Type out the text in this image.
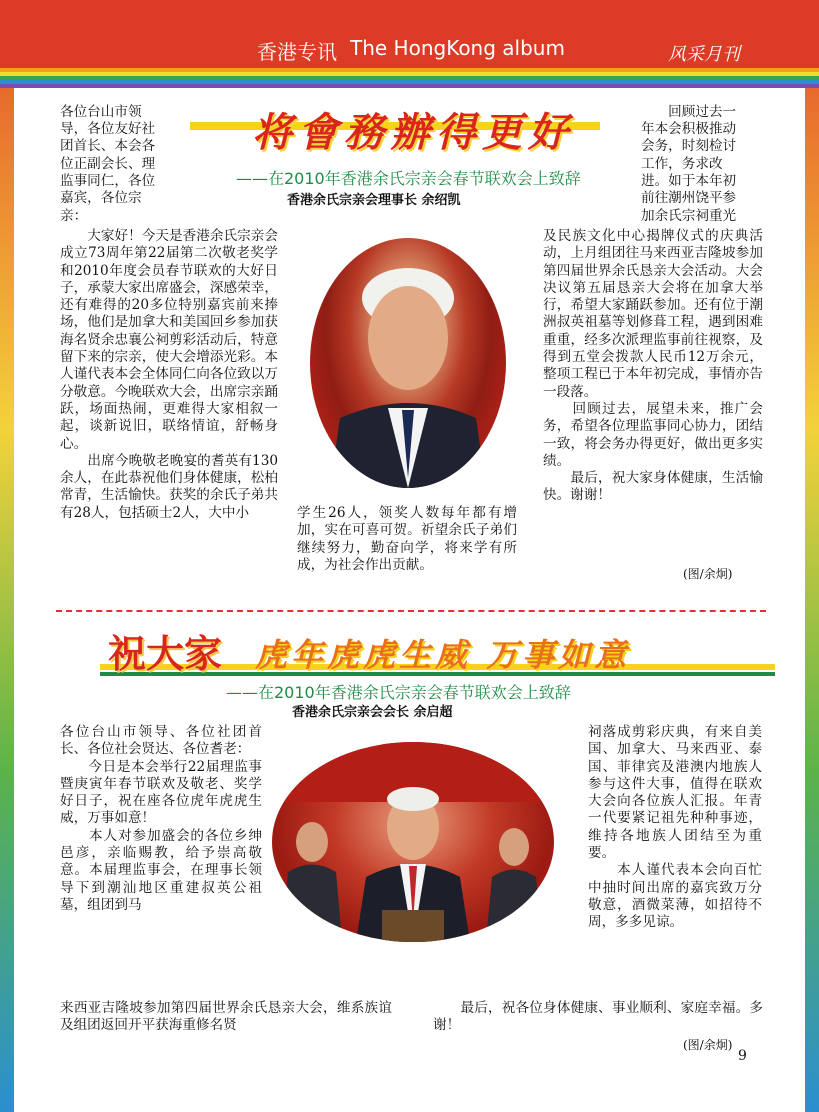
香港专讯 The HongKong album	风采月刊
将會務辦得更好
——在2010年香港余氏宗亲会春节联欢会上致辞
香港余氏宗亲会理事长 余绍凯
各位台山市领
导，各位友好社
团首长、本会各
位正副会长、理
监事同仁，各位
嘉宾，各位宗
亲：
　　大家好！今天是香港余氏宗亲会成立73周年第22届第二次敬老奖学和2010年度会员春节联欢的大好日子，承蒙大家出席盛会，深感荣幸，还有难得的20多位特别嘉宾前来捧场，他们是加拿大和美国回乡参加获海名贤余忠襄公祠剪彩活动后，特意留下来的宗亲，使大会增添光彩。本人谨代表本会全体同仁向各位致以万分敬意。今晚联欢大会，出席宗亲踊跃，场面热闹，更难得大家相叙一起，谈新说旧，联络情谊，舒畅身心。
　　出席今晚敬老晚宴的耆英有130余人，在此恭祝他们身体健康，松柏常青，生活愉快。获奖的余氏子弟共有28人，包括硕士2人，大中小	学生26人，领奖人数每年都有增加，实在可喜可贺。祈望余氏子弟们继续努力，勤奋向学，将来学有所成，为社会作出贡献。
　　回顾过去一
年本会积极推动
会务，时刻检讨
工作，务求改
进。如于本年初
前往潮州饶平参
加余氏宗祠重光
及民族文化中心揭牌仪式的庆典活动，上月组团往马来西亚吉隆坡参加第四届世界余氏恳亲大会活动。大会决议第五届恳亲大会将在加拿大举行，希望大家踊跃参加。还有位于潮洲叔英祖墓等划修葺工程，遇到困难重重，经多次派理监事前往视察，及得到五堂会拨款人民币12万余元，整项工程已于本年初完成，事情亦告一段落。
　　回顾过去，展望未来，推广会务，希望各位理监事同心协力，团结一致，将会务办得更好，做出更多实绩。
　　最后，祝大家身体健康，生活愉快。谢谢！
(图/余炯)
祝大家 虎年虎虎生威 万事如意
——在2010年香港余氏宗亲会春节联欢会上致辞
香港余氏宗亲会会长 余启超
各位台山市领导、各位社团首长、各位社会贤达、各位耆老：
　　今日是本会举行22届理监事暨庚寅年春节联欢及敬老、奖学好日子，祝在座各位虎年虎虎生威，万事如意！
　　本人对参加盛会的各位乡绅邑彦，亲临赐教，给予崇高敬意。本届理监事会，在理事长领导下到潮汕地区重建叔英公祖墓，组团到马
祠落成剪彩庆典，有来自美国、加拿大、马来西亚、泰国、菲律宾及港澳内地族人参与这件大事，值得在联欢大会向各位族人汇报。年青一代要紧记祖先种种事迹，维持各地族人团结至为重要。
　　本人谨代表本会向百忙中抽时间出席的嘉宾致万分敬意，酒微菜薄，如招待不周，多多见谅。
来西亚吉隆坡参加第四届世界余氏恳亲大会，维系族谊及组团返回开平获海重修名贤
　　最后，祝各位身体健康、事业顺利、家庭幸福。多谢！
(图/余炯)
9
